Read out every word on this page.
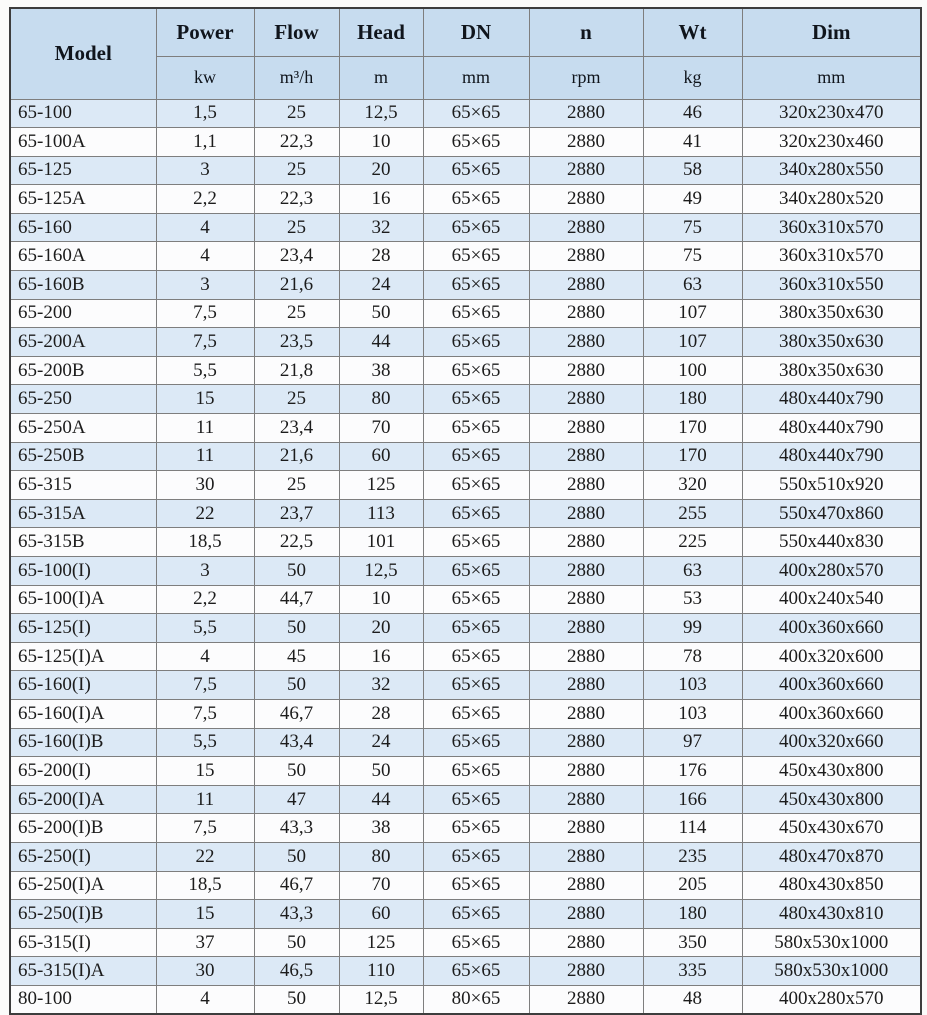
Model	Power	Flow	Head	DN	n	Wt	Dim
	kw	m³/h	m	mm	rpm	kg	mm
65-100	1,5	25	12,5	65×65	2880	46	320x230x470
65-100A	1,1	22,3	10	65×65	2880	41	320x230x460
65-125	3	25	20	65×65	2880	58	340x280x550
65-125A	2,2	22,3	16	65×65	2880	49	340x280x520
65-160	4	25	32	65×65	2880	75	360x310x570
65-160A	4	23,4	28	65×65	2880	75	360x310x570
65-160B	3	21,6	24	65×65	2880	63	360x310x550
65-200	7,5	25	50	65×65	2880	107	380x350x630
65-200A	7,5	23,5	44	65×65	2880	107	380x350x630
65-200B	5,5	21,8	38	65×65	2880	100	380x350x630
65-250	15	25	80	65×65	2880	180	480x440x790
65-250A	11	23,4	70	65×65	2880	170	480x440x790
65-250B	11	21,6	60	65×65	2880	170	480x440x790
65-315	30	25	125	65×65	2880	320	550x510x920
65-315A	22	23,7	113	65×65	2880	255	550x470x860
65-315B	18,5	22,5	101	65×65	2880	225	550x440x830
65-100(I)	3	50	12,5	65×65	2880	63	400x280x570
65-100(I)A	2,2	44,7	10	65×65	2880	53	400x240x540
65-125(I)	5,5	50	20	65×65	2880	99	400x360x660
65-125(I)A	4	45	16	65×65	2880	78	400x320x600
65-160(I)	7,5	50	32	65×65	2880	103	400x360x660
65-160(I)A	7,5	46,7	28	65×65	2880	103	400x360x660
65-160(I)B	5,5	43,4	24	65×65	2880	97	400x320x660
65-200(I)	15	50	50	65×65	2880	176	450x430x800
65-200(I)A	11	47	44	65×65	2880	166	450x430x800
65-200(I)B	7,5	43,3	38	65×65	2880	114	450x430x670
65-250(I)	22	50	80	65×65	2880	235	480x470x870
65-250(I)A	18,5	46,7	70	65×65	2880	205	480x430x850
65-250(I)B	15	43,3	60	65×65	2880	180	480x430x810
65-315(I)	37	50	125	65×65	2880	350	580x530x1000
65-315(I)A	30	46,5	110	65×65	2880	335	580x530x1000
80-100	4	50	12,5	80×65	2880	48	400x280x570
